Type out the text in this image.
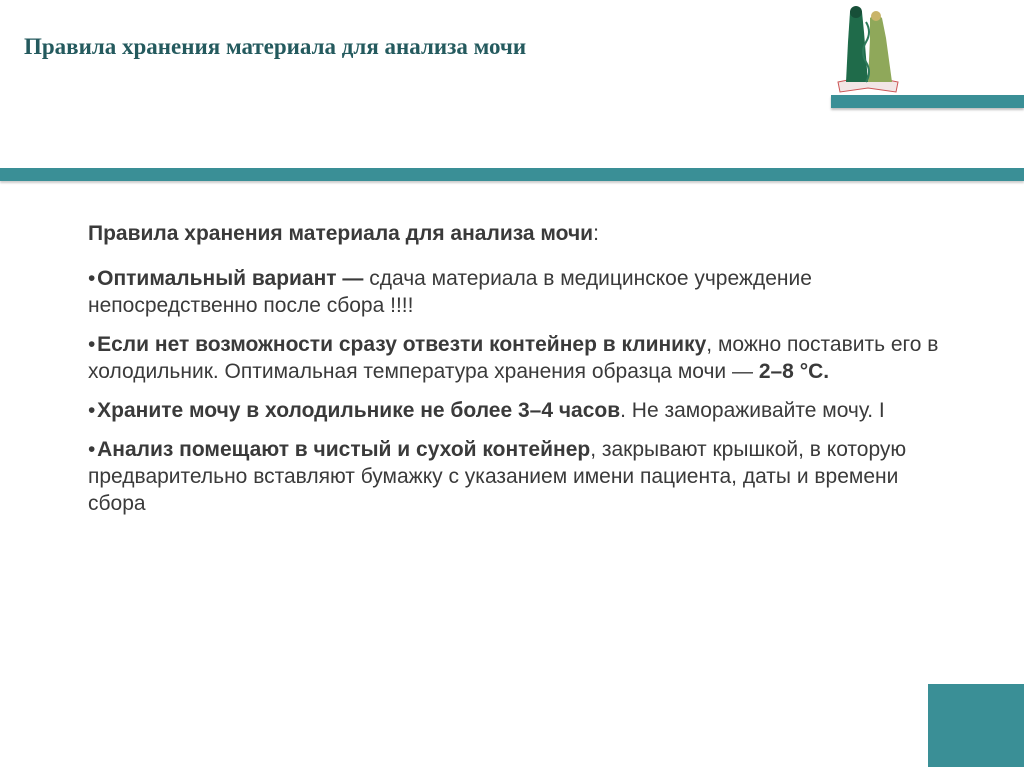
Правила хранения материала для анализа мочи

Правила хранения материала для анализа мочи:

• Оптимальный вариант — сдача материала в медицинское учреждение непосредственно после сбора !!!!

• Если нет возможности сразу отвезти контейнер в клинику, можно поставить его в холодильник. Оптимальная температура хранения образца мочи — 2–8 °C.

• Храните мочу в холодильнике не более 3–4 часов. Не замораживайте мочу. I

• Анализ помещают в чистый и сухой контейнер, закрывают крышкой, в которую предварительно вставляют бумажку с указанием имени пациента, даты и времени сбора
